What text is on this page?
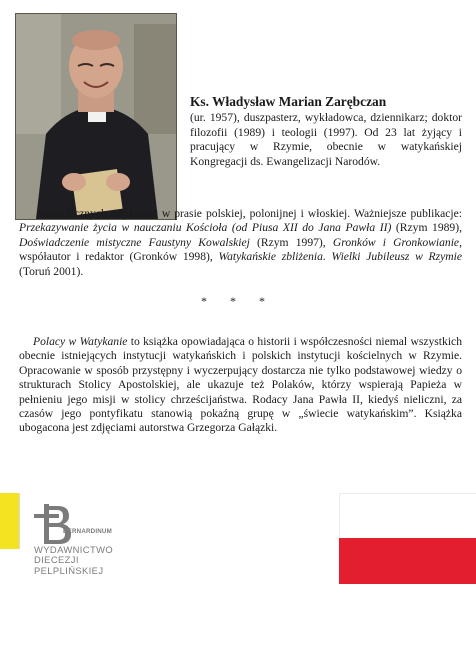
Ks. Władysław Marian Zarębczan
(ur. 1957), duszpasterz, wykładowca, dziennikarz; doktor filozofii (1989) i teologii (1997). Od 23 lat żyjący i pracujący w Rzymie, obecnie w watykańskiej Kongregacji ds. Ewangelizacji Narodów.
Autor licznych artykułów w prasie polskiej, polonijnej i włoskiej. Ważniejsze publikacje: Przekazywanie życia w nauczaniu Kościoła (od Piusa XII do Jana Pawła II) (Rzym 1989), Doświadczenie mistyczne Faustyny Kowalskiej (Rzym 1997), Gronków i Gronkowianie, współautor i redaktor (Gronków 1998), Watykańskie zbliżenia. Wielki Jubileusz w Rzymie (Toruń 2001).
* * *
Polacy w Watykanie to książka opowiadająca o historii i współczesności niemal wszystkich obecnie istniejących instytucji watykańskich i polskich instytucji kościelnych w Rzymie. Opracowanie w sposób przystępny i wyczerpujący dostarcza nie tylko podstawowej wiedzy o strukturach Stolicy Apostolskiej, ale ukazuje też Polaków, którzy wspierają Papieża w pełnieniu jego misji w stolicy chrześcijaństwa. Rodacy Jana Pawła II, kiedyś nieliczni, za czasów jego pontyfikatu stanowią pokaźną grupę w „świecie watykańskim”. Książka ubogacona jest zdjęciami autorstwa Grzegorza Gałązki.
BERNARDINUM
WYDAWNICTWO
DIECEZJI
PELPLIŃSKIEJ
